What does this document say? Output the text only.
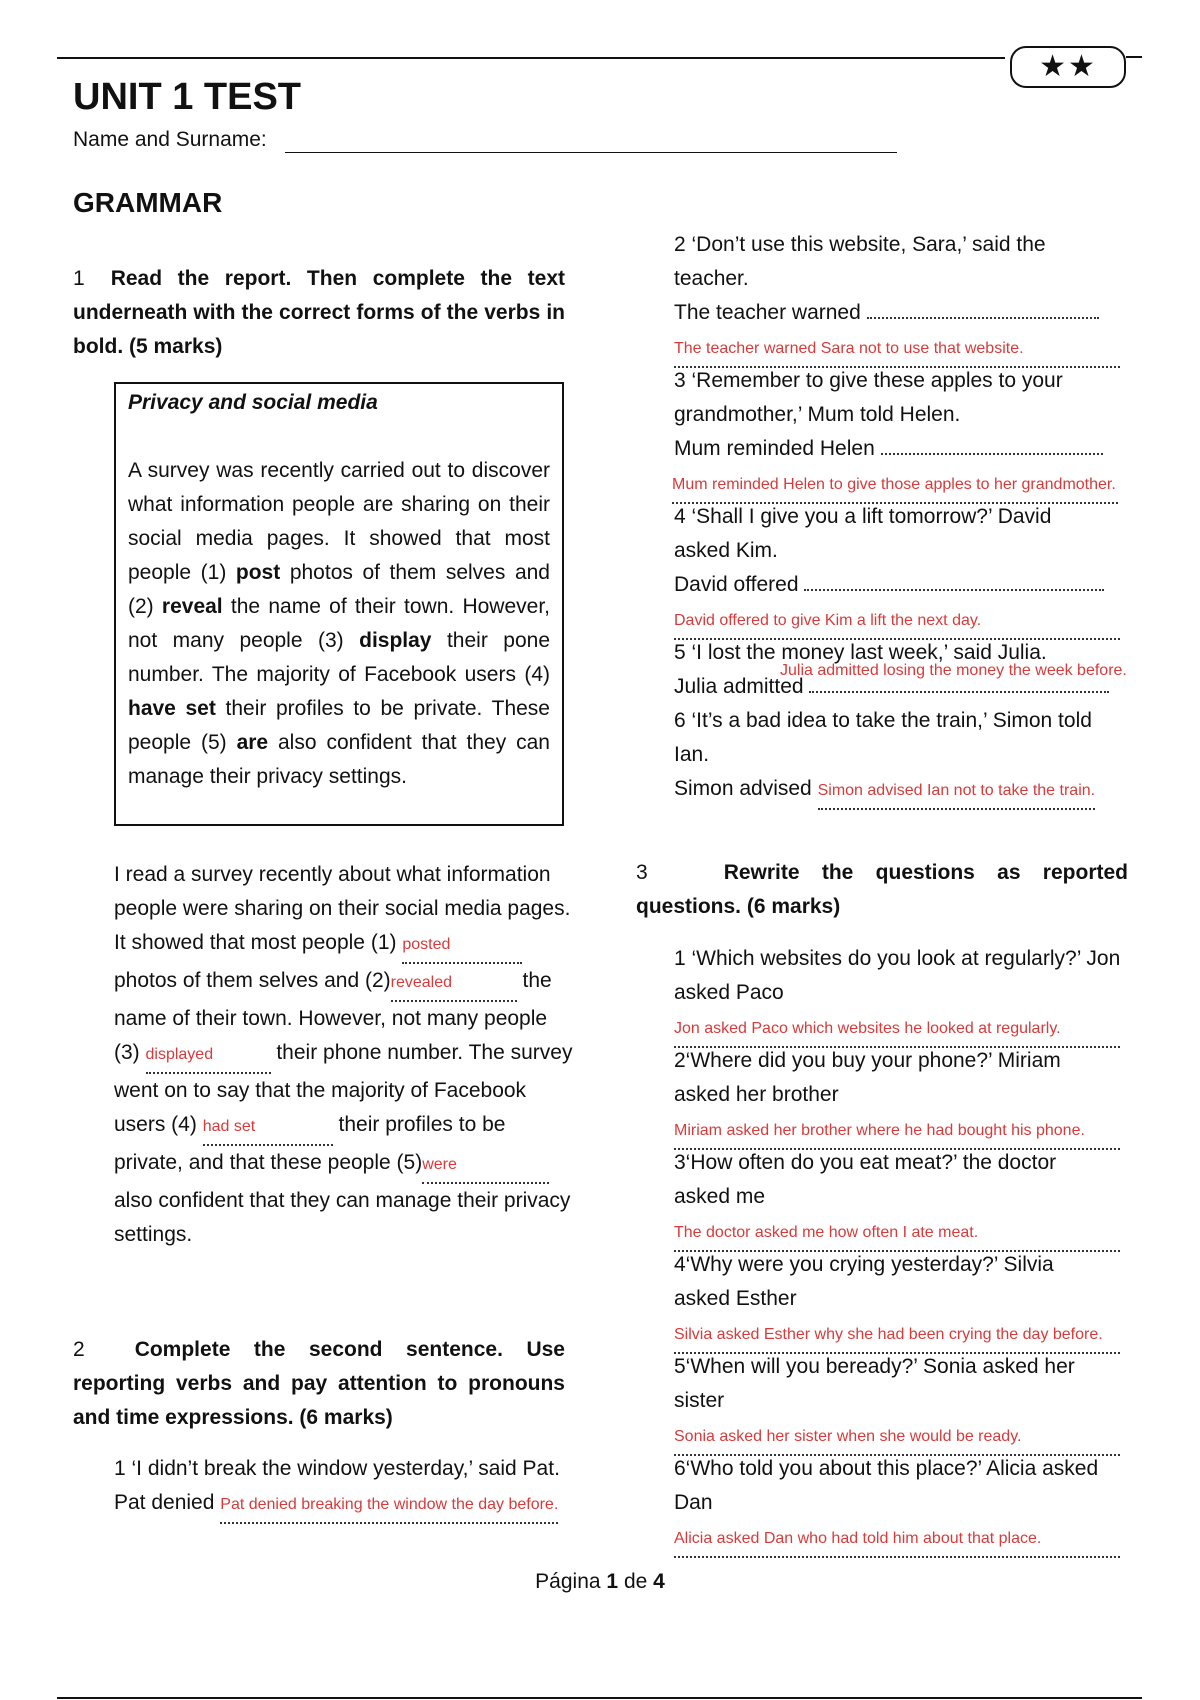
★★
UNIT 1 TEST
Name and Surname:
GRAMMAR
1 Read the report. Then complete the text underneath with the correct forms of the verbs in bold. (5 marks)
Privacy and social media
A survey was recently carried out to discover what information people are sharing on their social media pages. It showed that most people (1) post photos of them selves and (2) reveal the name of their town. However, not many people (3) display their pone number. The majority of Facebook users (4) have set their profiles to be private. These people (5) are also confident that they can manage their privacy settings.
I read a survey recently about what information people were sharing on their social media pages. It showed that most people (1) posted photos of them selves and (2)revealed	the name of their town. However, not many people (3) displayed	their phone number. The survey went on to say that the majority of Facebook users (4) had set	their profiles to be private, and that these people (5)were also confident that they can manage their privacy settings.
2 Complete the second sentence. Use reporting verbs and pay attention to pronouns and time expressions. (6 marks)
1 ‘I didn’t break the window yesterday,’ said Pat.
Pat denied Pat denied breaking the window the day before.
2 ‘Don’t use this website, Sara,’ said the teacher.
The teacher warned
The teacher warned Sara not to use that website.
3 ‘Remember to give these apples to your grandmother,’ Mum told Helen.
Mum reminded Helen
Mum reminded Helen to give those apples to her grandmother.
4 ‘Shall I give you a lift tomorrow?’ David asked Kim.
David offered
David offered to give Kim a lift the next day.
5 ‘I lost the money last week,’ said Julia.
Julia admitted losing the money the week before.
Julia admitted
6 ‘It’s a bad idea to take the train,’ Simon told Ian.
Simon advised Simon advised Ian not to take the train.
3	Rewrite the questions as reported questions. (6 marks)
1 ‘Which websites do you look at regularly?’ Jon asked Paco
Jon asked Paco which websites he looked at regularly.
2‘Where did you buy your phone?’ Miriam asked her brother
Miriam asked her brother where he had bought his phone.
3‘How often do you eat meat?’ the doctor asked me
The doctor asked me how often I ate meat.
4‘Why were you crying yesterday?’ Silvia asked Esther
Silvia asked Esther why she had been crying the day before.
5‘When will you beready?’ Sonia asked her sister
Sonia asked her sister when she would be ready.
6‘Who told you about this place?’ Alicia asked Dan
Alicia asked Dan who had told him about that place.
Página 1 de 4
